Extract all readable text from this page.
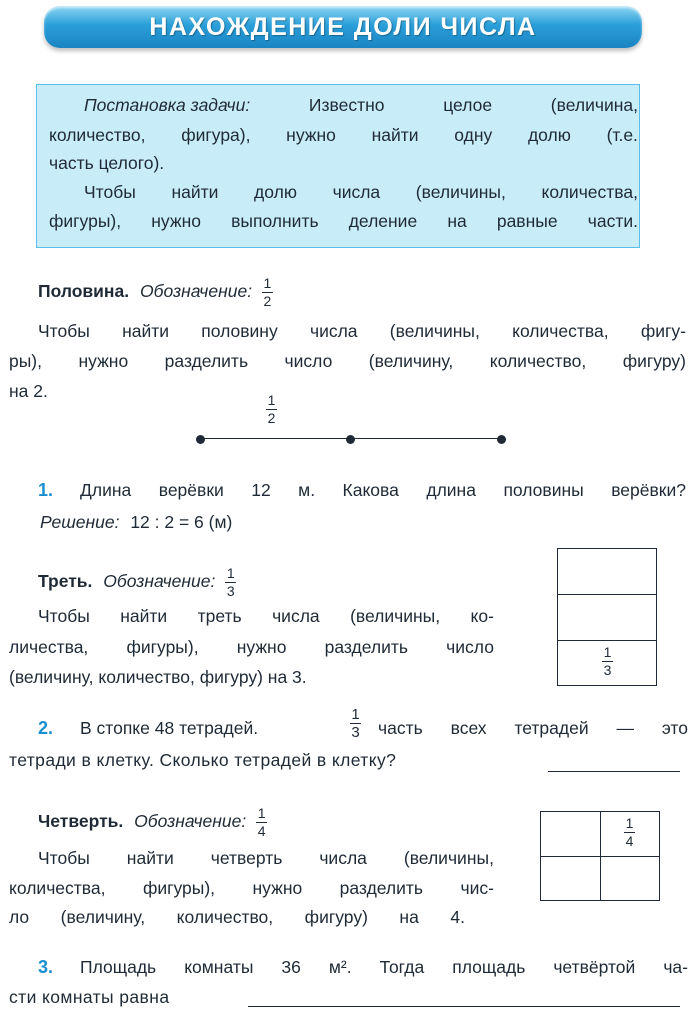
НАХОЖДЕНИЕ ДОЛИ ЧИСЛА
Постановка задачи:	Известно	целое	(величина,
количество, фигура), нужно найти одну долю (т.е.
часть целого).
Чтобы найти долю числа (величины, количества,
фигуры), нужно выполнить деление на равные части.
Половина. Обозначение: $\frac{1}{2}$
Чтобы найти половину числа (величины, количества, фигу-
ры), нужно разделить число (величину, количество, фигуру)
на 2.	1
2
1. Длина верёвки 12 м. Какова длина половины верёвки?
Решение: 12 : 2 = 6 (м)
Треть. Обозначение: $\frac{1}{3}$
Чтобы найти треть числа (величины, ко-
личества, фигуры), нужно разделить число
(величину, количество, фигуру) на 3.
1
3
2. В стопке 48 тетрадей.
1
3 часть всех тетрадей — это
тетради в клетку. Сколько тетрадей в клетку?
Четверть. Обозначение: $\frac{1}{4}$
Чтобы найти четверть числа (величины,
количества, фигуры), нужно разделить чис-
ло (величину, количество, фигуру) на 4.
1
4
3. Площадь комнаты 36 м². Тогда площадь четвёртой ча-
сти комнаты равна
